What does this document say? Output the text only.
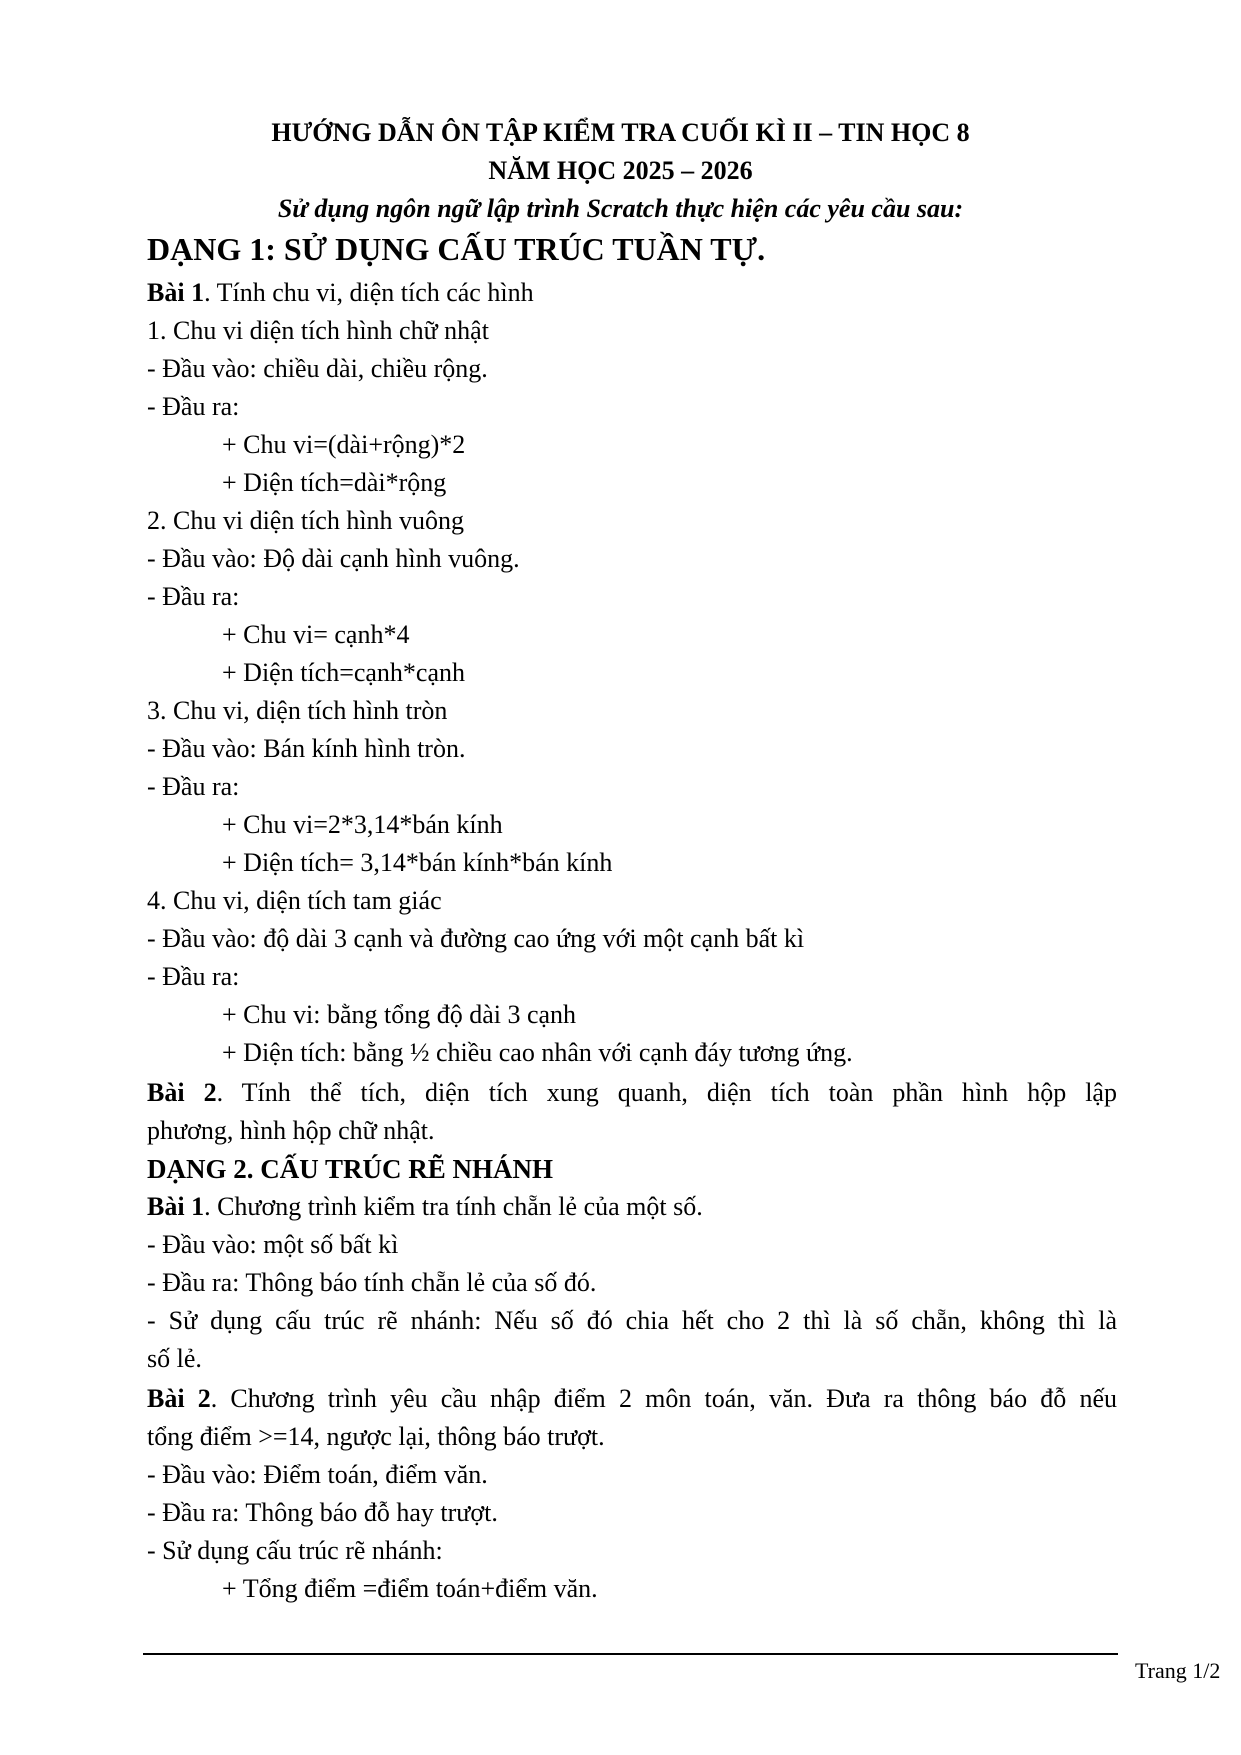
HƯỚNG DẪN ÔN TẬP KIỂM TRA CUỐI KÌ II – TIN HỌC 8
NĂM HỌC 2025 – 2026
Sử dụng ngôn ngữ lập trình Scratch thực hiện các yêu cầu sau:
DẠNG 1: SỬ DỤNG CẤU TRÚC TUẦN TỰ.
Bài 1. Tính chu vi, diện tích các hình
1. Chu vi diện tích hình chữ nhật
- Đầu vào: chiều dài, chiều rộng.
- Đầu ra:
+ Chu vi=(dài+rộng)*2
+ Diện tích=dài*rộng
2. Chu vi diện tích hình vuông
- Đầu vào: Độ dài cạnh hình vuông.
- Đầu ra:
+ Chu vi= cạnh*4
+ Diện tích=cạnh*cạnh
3. Chu vi, diện tích hình tròn
- Đầu vào: Bán kính hình tròn.
- Đầu ra:
+ Chu vi=2*3,14*bán kính
+ Diện tích= 3,14*bán kính*bán kính
4. Chu vi, diện tích tam giác
- Đầu vào: độ dài 3 cạnh và đường cao ứng với một cạnh bất kì
- Đầu ra:
+ Chu vi: bằng tổng độ dài 3 cạnh
+ Diện tích: bằng ½ chiều cao nhân với cạnh đáy tương ứng.
Bài 2. Tính thể tích, diện tích xung quanh, diện tích toàn phần hình hộp lập
phương, hình hộp chữ nhật.
DẠNG 2. CẤU TRÚC RẼ NHÁNH
Bài 1. Chương trình kiểm tra tính chẵn lẻ của một số.
- Đầu vào: một số bất kì
- Đầu ra: Thông báo tính chẵn lẻ của số đó.
- Sử dụng cấu trúc rẽ nhánh: Nếu số đó chia hết cho 2 thì là số chẵn, không thì là
số lẻ.
Bài 2. Chương trình yêu cầu nhập điểm 2 môn toán, văn. Đưa ra thông báo đỗ nếu
tổng điểm >=14, ngược lại, thông báo trượt.
- Đầu vào: Điểm toán, điểm văn.
- Đầu ra: Thông báo đỗ hay trượt.
- Sử dụng cấu trúc rẽ nhánh:
+ Tổng điểm =điểm toán+điểm văn.
Trang 1/2
